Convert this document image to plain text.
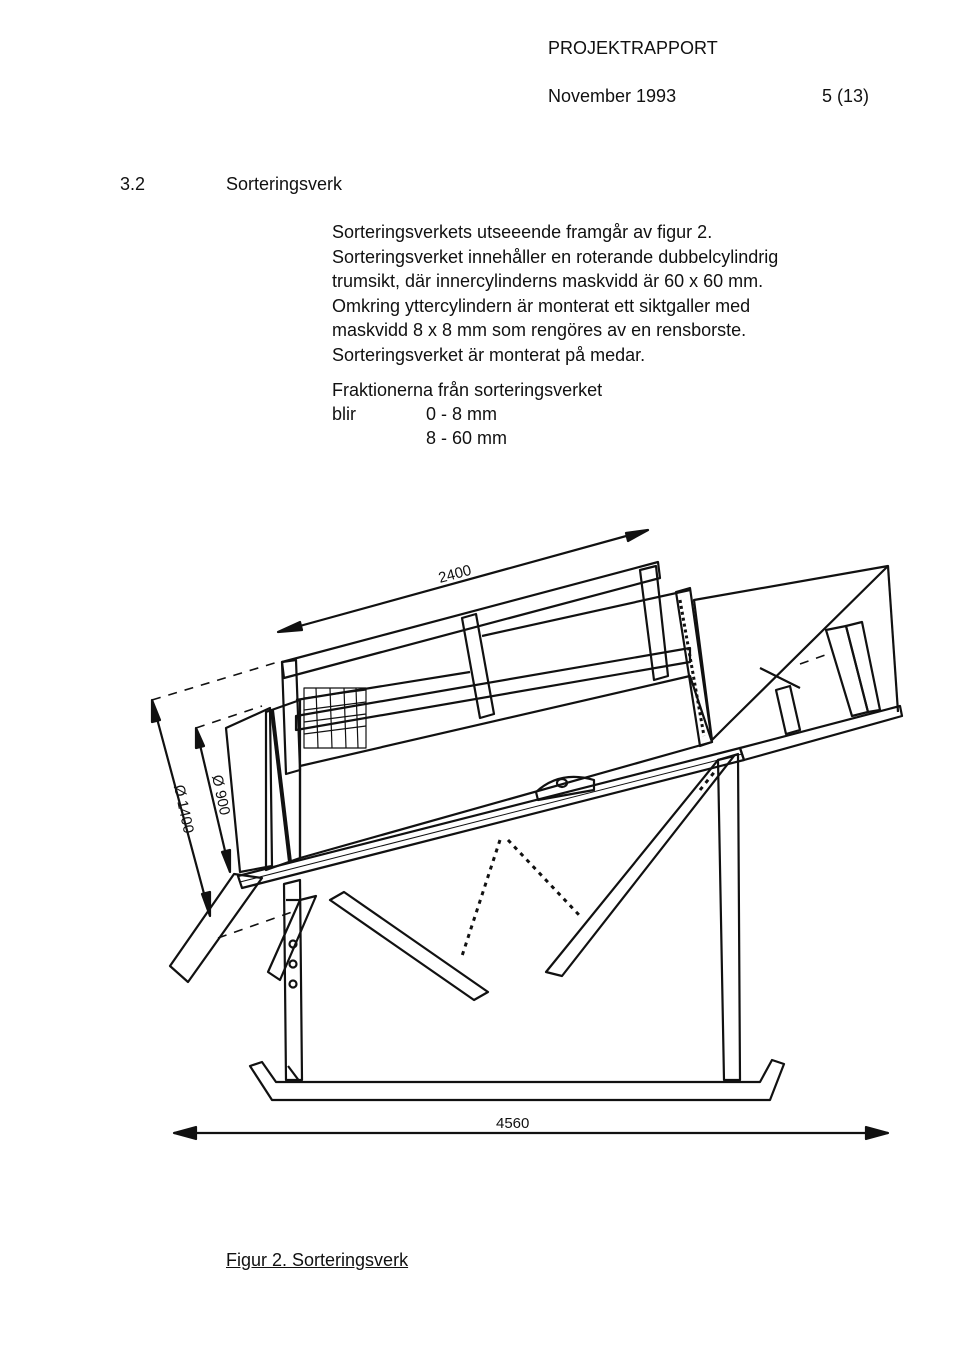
PROJEKTRAPPORT
November 1993	5 (13)
3.2	Sorteringsverk
Sorteringsverkets utseeende framgår av figur 2.
Sorteringsverket innehåller en roterande dubbelcylindrig
trumsikt, där innercylinderns maskvidd är 60 x 60 mm.
Omkring yttercylindern är monterat ett siktgaller med
maskvidd 8 x 8 mm som rengöres av en rensborste.
Sorteringsverket är monterat på medar.
Fraktionerna från sorteringsverket
blir	0 - 8 mm
8 - 60 mm
2400
Ø 1400 Ø 900
4560
Figur 2. Sorteringsverk
